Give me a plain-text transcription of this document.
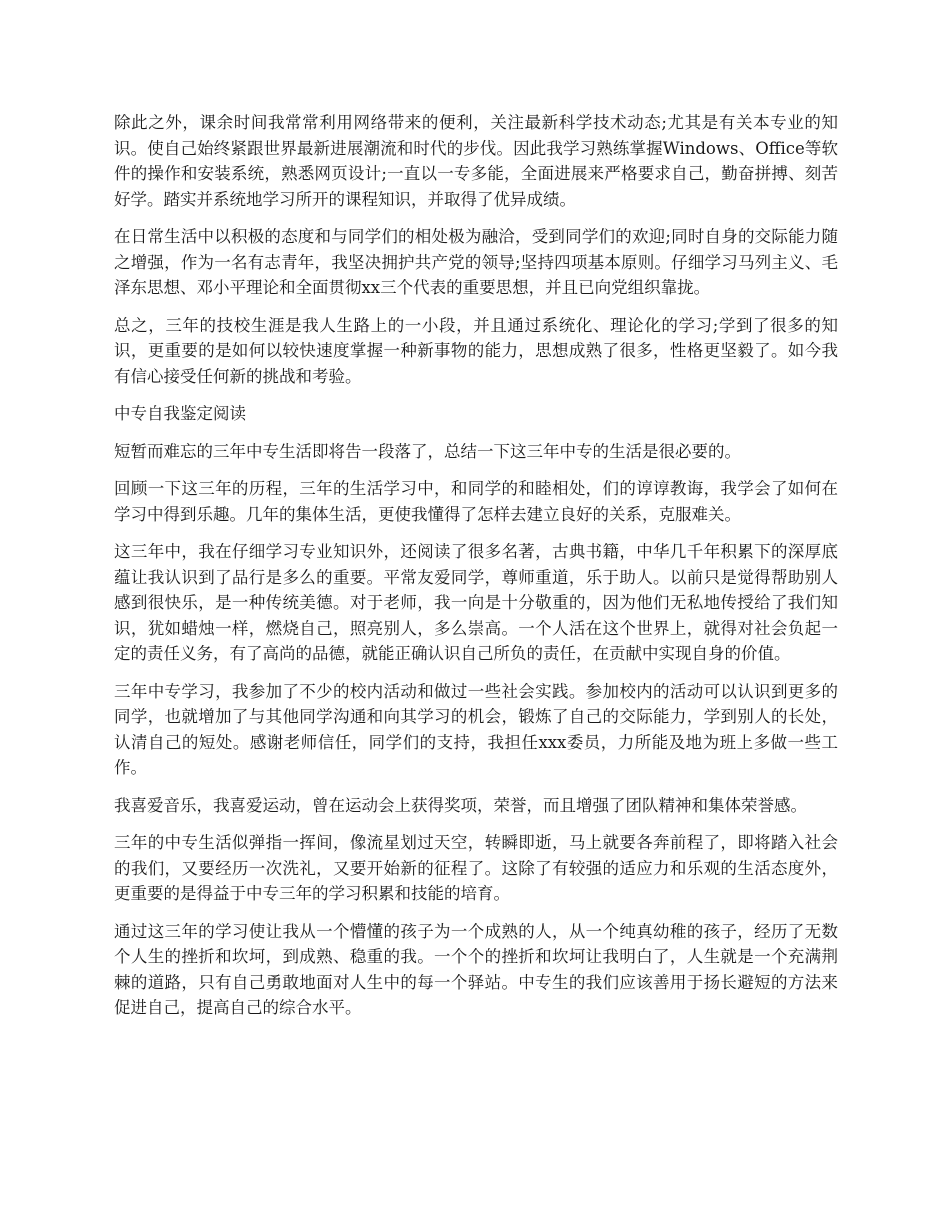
除此之外，课余时间我常常利用网络带来的便利，关注最新科学技术动态;尤其是有关本专业的知识。使自己始终紧跟世界最新进展潮流和时代的步伐。因此我学习熟练掌握Windows、Office等软件的操作和安装系统，熟悉网页设计;一直以一专多能，全面进展来严格要求自己，勤奋拼搏、刻苦好学。踏实并系统地学习所开的课程知识，并取得了优异成绩。

在日常生活中以积极的态度和与同学们的相处极为融洽，受到同学们的欢迎;同时自身的交际能力随之增强，作为一名有志青年，我坚决拥护共产党的领导;坚持四项基本原则。仔细学习马列主义、毛泽东思想、邓小平理论和全面贯彻xx三个代表的重要思想，并且已向党组织靠拢。

总之，三年的技校生涯是我人生路上的一小段，并且通过系统化、理论化的学习;学到了很多的知识，更重要的是如何以较快速度掌握一种新事物的能力，思想成熟了很多，性格更坚毅了。如今我有信心接受任何新的挑战和考验。

中专自我鉴定阅读

短暂而难忘的三年中专生活即将告一段落了，总结一下这三年中专的生活是很必要的。

回顾一下这三年的历程，三年的生活学习中，和同学的和睦相处，们的谆谆教诲，我学会了如何在学习中得到乐趣。几年的集体生活，更使我懂得了怎样去建立良好的关系，克服难关。

这三年中，我在仔细学习专业知识外，还阅读了很多名著，古典书籍，中华几千年积累下的深厚底蕴让我认识到了品行是多么的重要。平常友爱同学，尊师重道，乐于助人。以前只是觉得帮助别人感到很快乐，是一种传统美德。对于老师，我一向是十分敬重的，因为他们无私地传授给了我们知识，犹如蜡烛一样，燃烧自己，照亮别人，多么崇高。一个人活在这个世界上，就得对社会负起一定的责任义务，有了高尚的品德，就能正确认识自己所负的责任，在贡献中实现自身的价值。

三年中专学习，我参加了不少的校内活动和做过一些社会实践。参加校内的活动可以认识到更多的同学，也就增加了与其他同学沟通和向其学习的机会，锻炼了自己的交际能力，学到别人的长处，认清自己的短处。感谢老师信任，同学们的支持，我担任xxx委员，力所能及地为班上多做一些工作。

我喜爱音乐，我喜爱运动，曾在运动会上获得奖项，荣誉，而且增强了团队精神和集体荣誉感。

三年的中专生活似弹指一挥间，像流星划过天空，转瞬即逝，马上就要各奔前程了，即将踏入社会的我们，又要经历一次洗礼，又要开始新的征程了。这除了有较强的适应力和乐观的生活态度外，更重要的是得益于中专三年的学习积累和技能的培育。

通过这三年的学习使让我从一个懵懂的孩子为一个成熟的人，从一个纯真幼稚的孩子，经历了无数个人生的挫折和坎坷，到成熟、稳重的我。一个个的挫折和坎坷让我明白了，人生就是一个充满荆棘的道路，只有自己勇敢地面对人生中的每一个驿站。中专生的我们应该善用于扬长避短的方法来促进自己，提高自己的综合水平。
